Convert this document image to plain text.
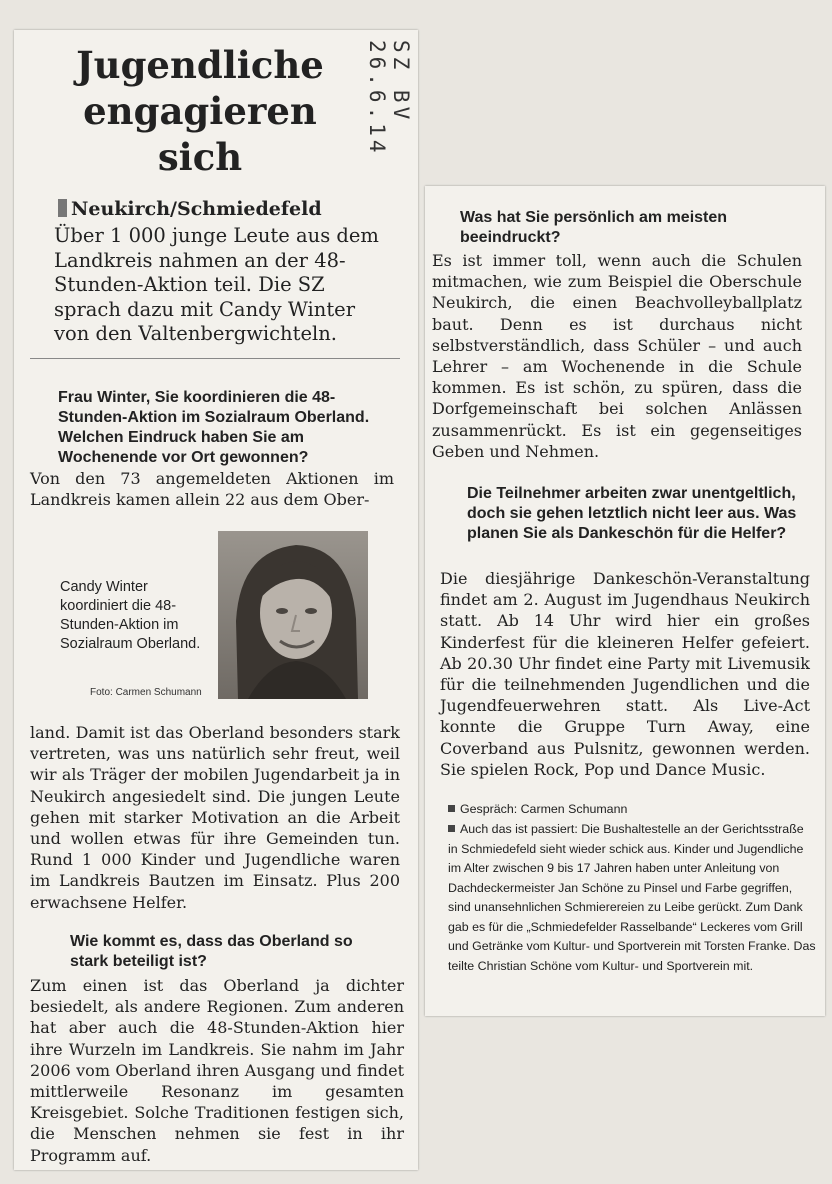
Jugendliche engagieren sich
SZ BV 26.6.14

Neukirch/Schmiedefeld

Über 1 000 junge Leute aus dem Landkreis nahmen an der 48-Stunden-Aktion teil. Die SZ sprach dazu mit Candy Winter von den Valtenbergwichteln.

Frau Winter, Sie koordinieren die 48-Stunden-Aktion im Sozialraum Oberland. Welchen Eindruck haben Sie am Wochenende vor Ort gewonnen?

Von den 73 angemeldeten Aktionen im Landkreis kamen allein 22 aus dem Ober-

Candy Winter koordiniert die 48-Stunden-Aktion im Sozialraum Oberland.

Foto: Carmen Schumann

land. Damit ist das Oberland besonders stark vertreten, was uns natürlich sehr freut, weil wir als Träger der mobilen Jugendarbeit ja in Neukirch angesiedelt sind. Die jungen Leute gehen mit starker Motivation an die Arbeit und wollen etwas für ihre Gemeinden tun. Rund 1 000 Kinder und Jugendliche waren im Landkreis Bautzen im Einsatz. Plus 200 erwachsene Helfer.

Wie kommt es, dass das Oberland so stark beteiligt ist?

Zum einen ist das Oberland ja dichter besiedelt, als andere Regionen. Zum anderen hat aber auch die 48-Stunden-Aktion hier ihre Wurzeln im Landkreis. Sie nahm im Jahr 2006 vom Oberland ihren Ausgang und findet mittlerweile Resonanz im gesamten Kreisgebiet. Solche Traditionen festigen sich, die Menschen nehmen sie fest in ihr Programm auf.

Was hat Sie persönlich am meisten beeindruckt?

Es ist immer toll, wenn auch die Schulen mitmachen, wie zum Beispiel die Oberschule Neukirch, die einen Beachvolleyballplatz baut. Denn es ist durchaus nicht selbstverständlich, dass Schüler – und auch Lehrer – am Wochenende in die Schule kommen. Es ist schön, zu spüren, dass die Dorfgemeinschaft bei solchen Anlässen zusammenrückt. Es ist ein gegenseitiges Geben und Nehmen.

Die Teilnehmer arbeiten zwar unentgeltlich, doch sie gehen letztlich nicht leer aus. Was planen Sie als Dankeschön für die Helfer?

Die diesjährige Dankeschön-Veranstaltung findet am 2. August im Jugendhaus Neukirch statt. Ab 14 Uhr wird hier ein großes Kinderfest für die kleineren Helfer gefeiert. Ab 20.30 Uhr findet eine Party mit Livemusik für die teilnehmenden Jugendlichen und die Jugendfeuerwehren statt. Als Live-Act konnte die Gruppe Turn Away, eine Coverband aus Pulsnitz, gewonnen werden. Sie spielen Rock, Pop und Dance Music.

Gespräch: Carmen Schumann

Auch das ist passiert: Die Bushaltestelle an der Gerichtsstraße in Schmiedefeld sieht wieder schick aus. Kinder und Jugendliche im Alter zwischen 9 bis 17 Jahren haben unter Anleitung von Dachdeckermeister Jan Schöne zu Pinsel und Farbe gegriffen, sind unansehnlichen Schmierereien zu Leibe gerückt. Zum Dank gab es für die „Schmiedefelder Rasselbande“ Leckeres vom Grill und Getränke vom Kultur- und Sportverein mit Torsten Franke. Das teilte Christian Schöne vom Kultur- und Sportverein mit.
